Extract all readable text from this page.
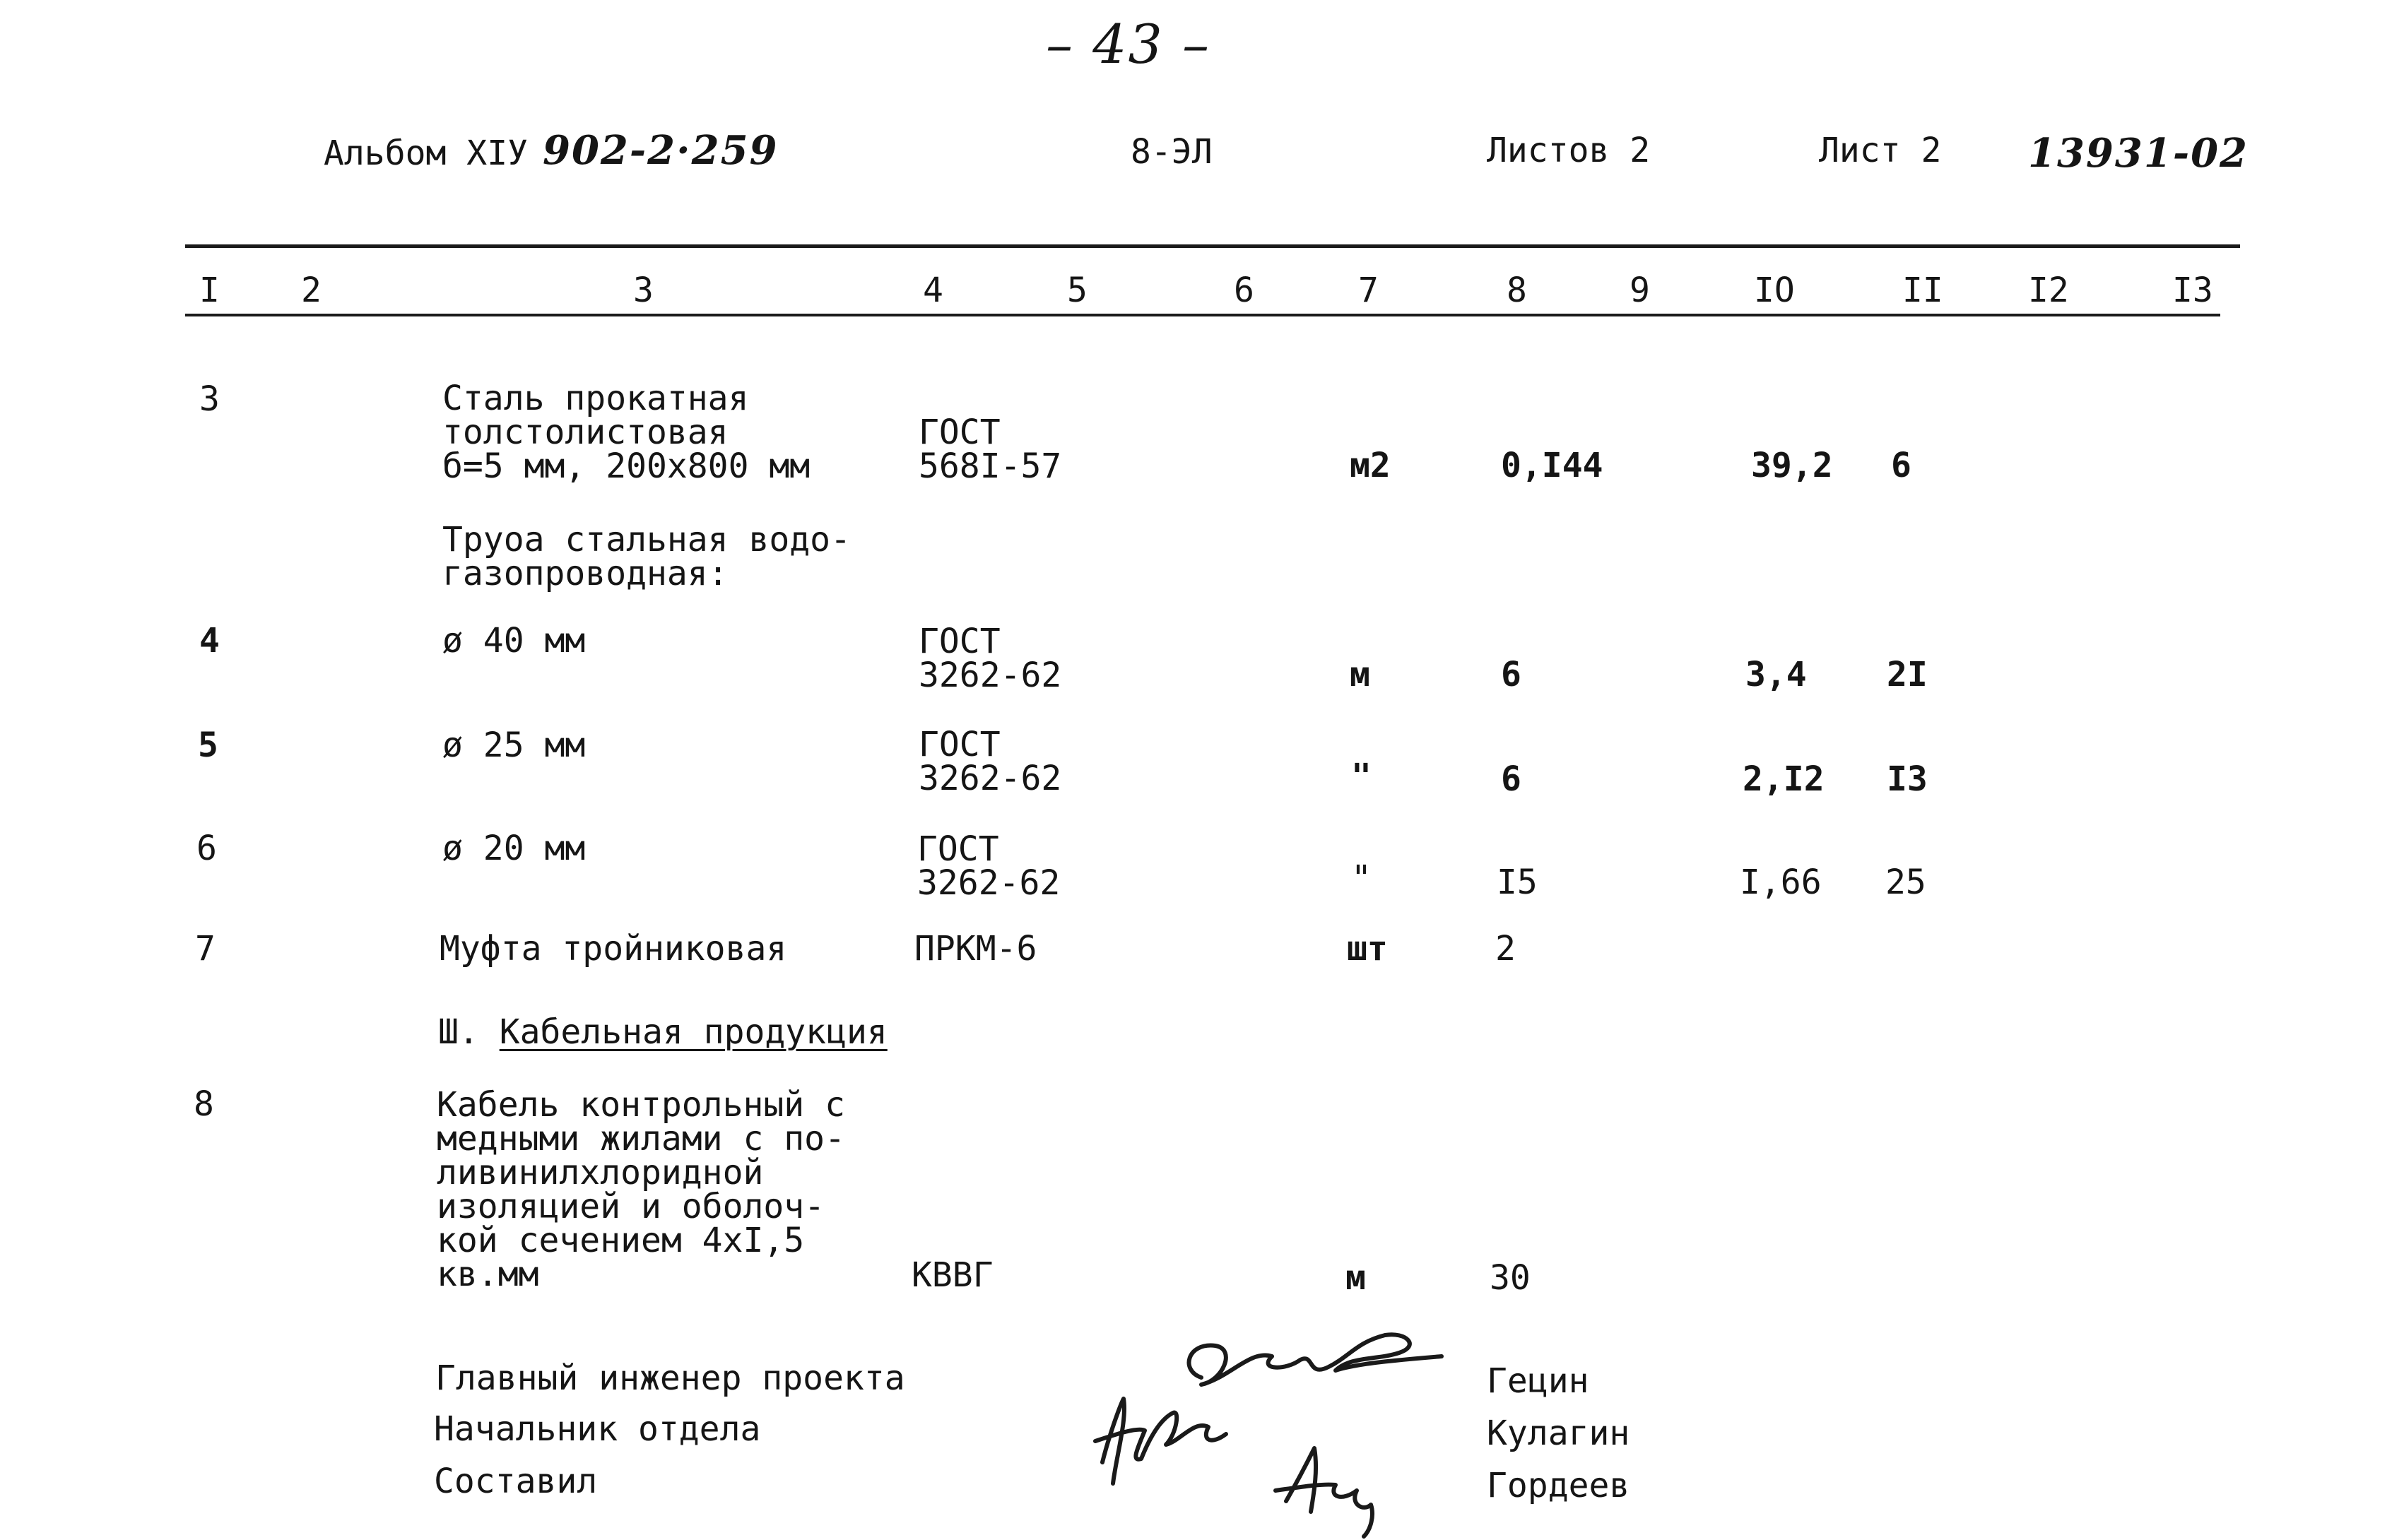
– 43 –
Альбом XIУ 902-2·259	8-ЭЛ	Листов 2	Лист 2 13931-02
I 2	3	4	5	6	7	8	9	IO	II	I2	I3
3	Сталь прокатная
толстолистовая
б=5 мм, 200х800 мм
ГОСТ
568I-57	м2	0,I44	39,2 6
Труоа стальная водо-
газопроводная:
4	ø 40 мм	ГОСТ
3262-62	м	6	3,4 2I
5	ø 25 мм	ГОСТ
3262-62	"	6	2,I2 I3
6	ø 20 мм	ГОСТ
3262-62	"	I5	I,66 25
7	Муфта тройниковая	ПРКМ-6	шт	2
Ш. Кабельная продукция
8	Кабель контрольный с
медными жилами с по-
ливинилхлоридной
изоляцией и оболоч-
кой сечением 4хI,5
кв.мм	КВВГ	м	30
Главный инженер проекта
Начальник отдела
Составил
Гецин
Кулагин
Гордеев
